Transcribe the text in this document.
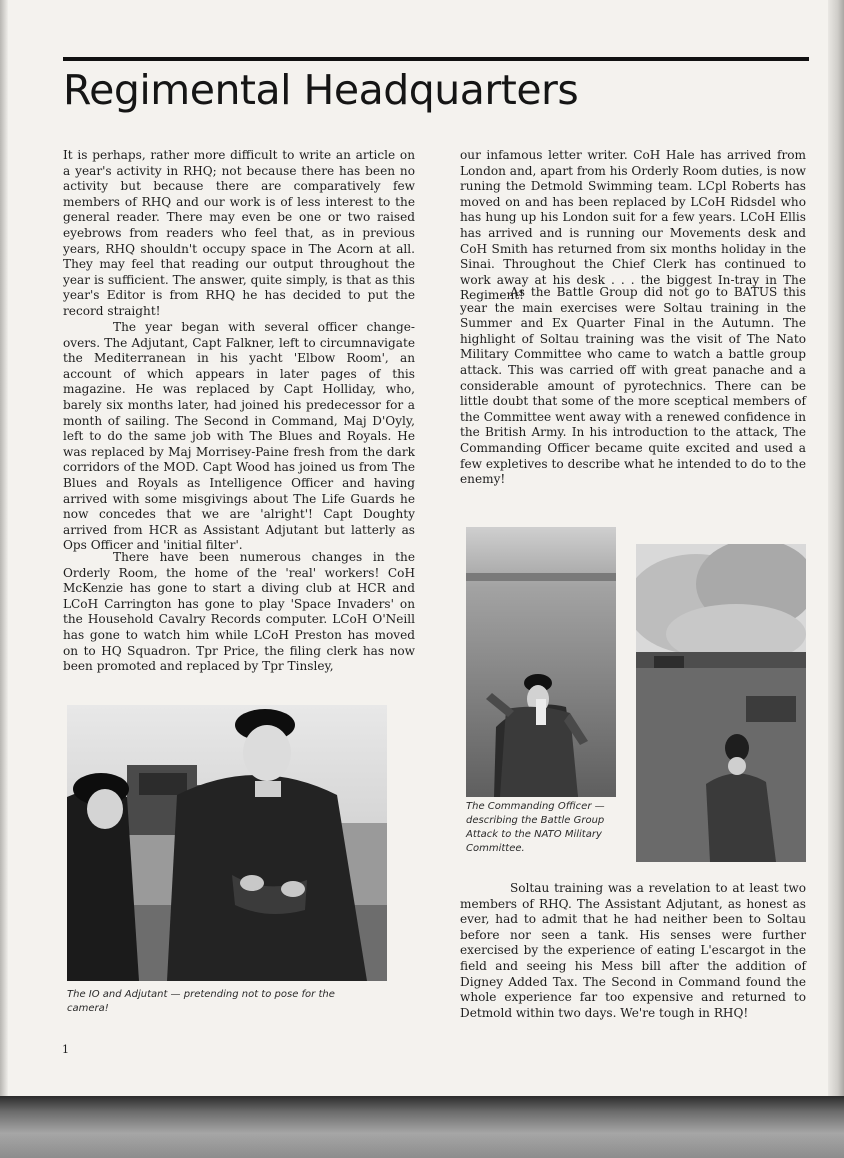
Regimental Headquarters

It is perhaps, rather more difficult to write an article on a year's activity in RHQ; not because there has been no activity but because there are comparatively few members of RHQ and our work is of less interest to the general reader. There may even be one or two raised eyebrows from readers who feel that, as in previous years, RHQ shouldn't occupy space in The Acorn at all. They may feel that reading our output throughout the year is sufficient. The answer, quite simply, is that as this year's Editor is from RHQ he has decided to put the record straight!

The year began with several officer change-overs. The Adjutant, Capt Falkner, left to circumnavigate the Mediterranean in his yacht 'Elbow Room', an account of which appears in later pages of this magazine. He was replaced by Capt Holliday, who, barely six months later, had joined his predecessor for a month of sailing. The Second in Command, Maj D'Oyly, left to do the same job with The Blues and Royals. He was replaced by Maj Morrisey-Paine fresh from the dark corridors of the MOD. Capt Wood has joined us from The Blues and Royals as Intelligence Officer and having arrived with some misgivings about The Life Guards he now concedes that we are 'alright'! Capt Doughty arrived from HCR as Assistant Adjutant but latterly as Ops Officer and 'initial filter'.

There have been numerous changes in the Orderly Room, the home of the 'real' workers! CoH McKenzie has gone to start a diving club at HCR and LCoH Carrington has gone to play 'Space Invaders' on the Household Cavalry Records computer. LCoH O'Neill has gone to watch him while LCoH Preston has moved on to HQ Squadron. Tpr Price, the filing clerk has now been promoted and replaced by Tpr Tinsley,

our infamous letter writer. CoH Hale has arrived from London and, apart from his Orderly Room duties, is now runing the Detmold Swimming team. LCpl Roberts has moved on and has been replaced by LCoH Ridsdel who has hung up his London suit for a few years. LCoH Ellis has arrived and is running our Movements desk and CoH Smith has returned from six months holiday in the Sinai. Throughout the Chief Clerk has continued to work away at his desk . . . the biggest In-tray in The Regiment!

As the Battle Group did not go to BATUS this year the main exercises were Soltau training in the Summer and Ex Quarter Final in the Autumn. The highlight of Soltau training was the visit of The Nato Military Committee who came to watch a battle group attack. This was carried off with great panache and a considerable amount of pyrotechnics. There can be little doubt that some of the more sceptical members of the Committee went away with a renewed confidence in the British Army. In his introduction to the attack, The Commanding Officer became quite excited and used a few expletives to describe what he intended to do to the enemy!

Soltau training was a revelation to at least two members of RHQ. The Assistant Adjutant, as honest as ever, had to admit that he had neither been to Soltau before nor seen a tank. His senses were further exercised by the experience of eating L'escargot in the field and seeing his Mess bill after the addition of Digney Added Tax. The Second in Command found the whole experience far too expensive and returned to Detmold within two days. We're tough in RHQ!

The IO and Adjutant — pretending not to pose for the camera!

The Commanding Officer — describing the Battle Group Attack to the NATO Military Committee.

1
